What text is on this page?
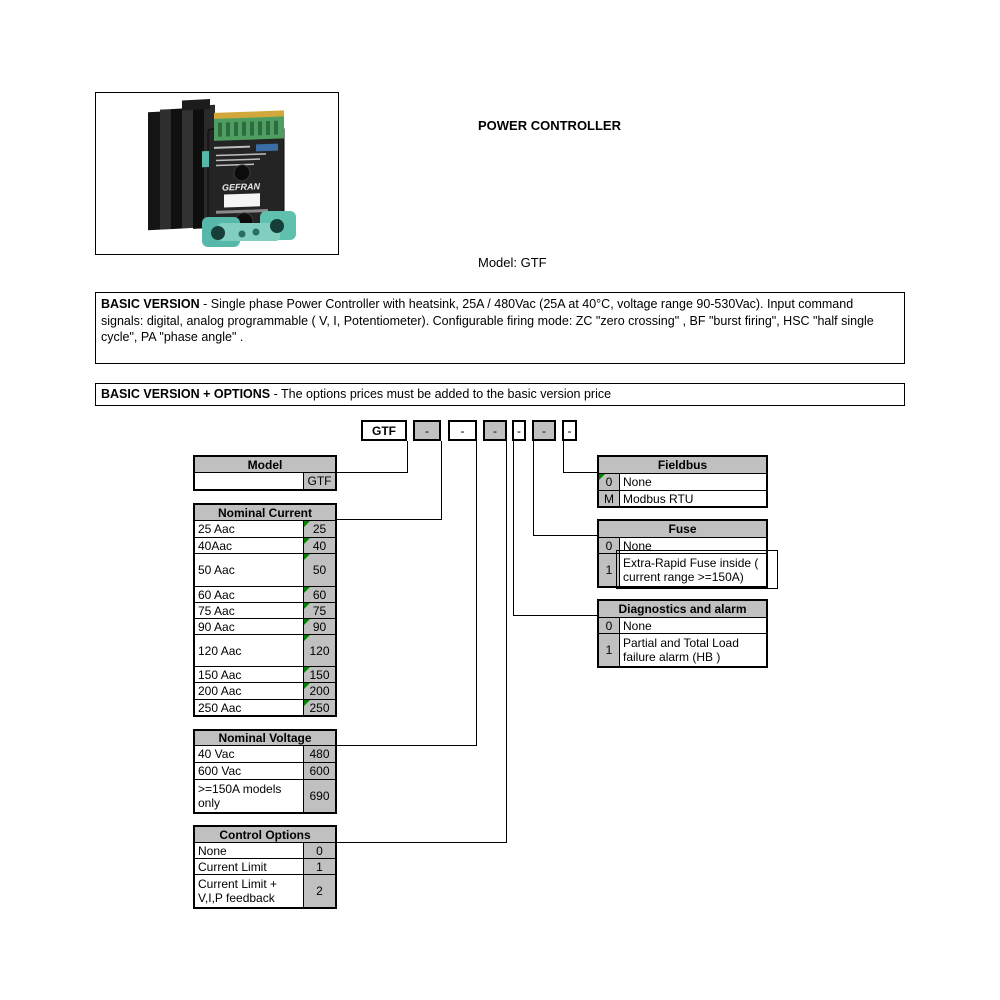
GEFRAN
POWER CONTROLLER
Model: GTF
BASIC VERSION - Single phase Power Controller with heatsink, 25A / 480Vac (25A at 40°C, voltage range 90-530Vac). Input command signals: digital, analog programmable ( V, I, Potentiometer). Configurable firing mode: ZC "zero crossing" , BF "burst firing", HSC "half single cycle", PA "phase angle" .
BASIC VERSION + OPTIONS - The options prices must be added to the basic version price
GTF	-	-	-	-	-	-
Model
GTF
Nominal Current
25 Aac	25
40Aac	40
50 Aac	50
60 Aac	60
75 Aac	75
90 Aac	90
120 Aac	120
150 Aac	150
200 Aac	200
250 Aac	250
Nominal Voltage
40 Vac	480
600 Vac	600
>=150A models only	690
Control Options
None	0
Current Limit	1
Current Limit + V,I,P feedback	2
Fieldbus
0 None
M Modbus RTU
Fuse
0 None
1 Extra-Rapid Fuse inside ( current range >=150A)
Diagnostics and alarm
0 None
1 Partial and Total Load failure alarm (HB )
